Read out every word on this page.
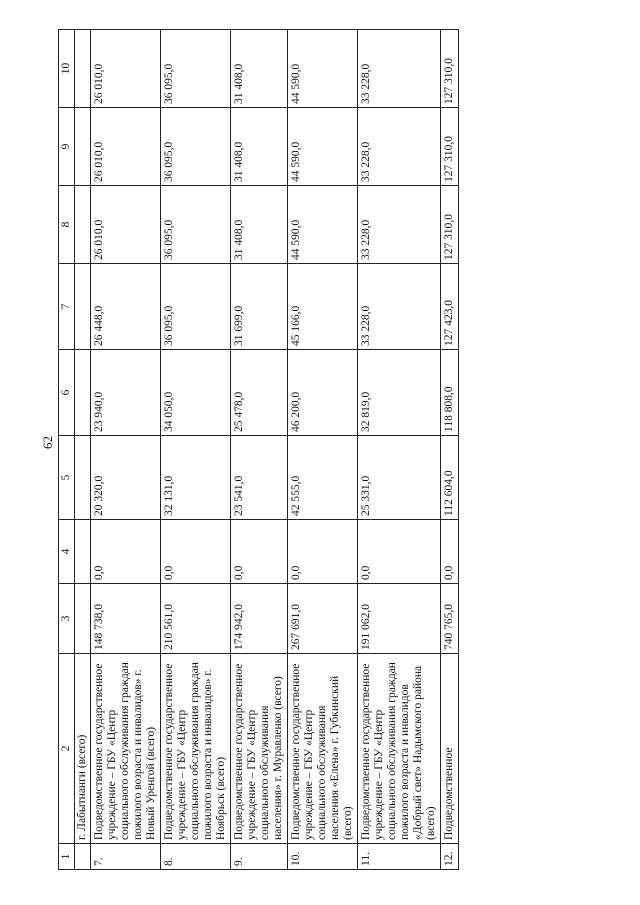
62
1	2	3	4	5	6	7	8	9	10
	г. Лабытнанги (всего)								
7.	Подведомственное государственное учреждение – ГБУ «Центр социального обслуживания граждан пожилого возраста и инвалидов» г. Новый Уренгой (всего)	148 738,0	0,0	20 320,0	23 940,0	26 448,0	26 010,0	26 010,0	26 010,0
8.	Подведомственное государственное учреждение – ГБУ «Центр социального обслуживания граждан пожилого возраста и инвалидов» г. Ноябрьск (всего)	210 561,0	0,0	32 131,0	34 050,0	36 095,0	36 095,0	36 095,0	36 095,0
9.	Подведомственное государственное учреждение – ГБУ «Центр социального обслуживания населения» г. Муравленко (всего)	174 942,0	0,0	23 541,0	25 478,0	31 699,0	31 408,0	31 408,0	31 408,0
10.	Подведомственное государственное учреждение – ГБУ «Центр социального обслуживания населения «Елена» г. Губкинский (всего)	267 691,0	0,0	42 555,0	46 200,0	45 166,0	44 590,0	44 590,0	44 590,0
11.	Подведомственное государственное учреждение – ГБУ «Центр социального обслуживания граждан пожилого возраста и инвалидов «Добрый свет» Надымского района (всего)	191 062,0	0,0	25 331,0	32 819,0	33 228,0	33 228,0	33 228,0	33 228,0
12.	Подведомственное	740 765,0	0,0	112 604,0	118 808,0	127 423,0	127 310,0	127 310,0	127 310,0
